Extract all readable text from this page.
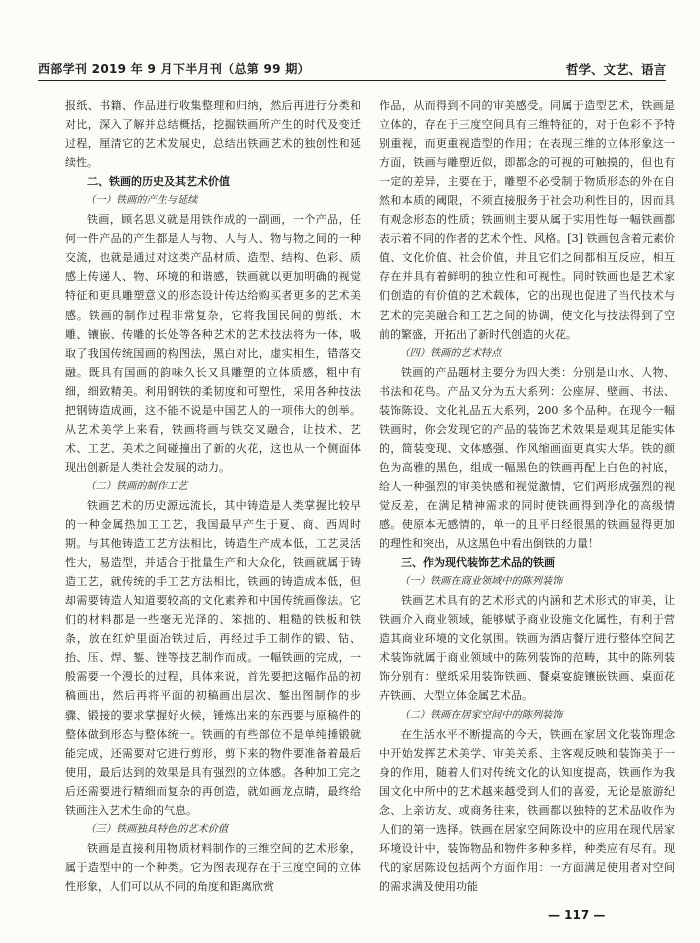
西部学刊 2019 年 9 月下半月刊（总第 99 期）	哲学、文艺、语言

报纸、书籍、作品进行收集整理和归纳，然后再进行分类和对比，深入了解并总结概括，挖掘铁画所产生的时代及变迁过程，厘清它的艺术发展史，总结出铁画艺术的独创性和延续性。

二、铁画的历史及其艺术价值

（一）铁画的产生与延续

铁画，顾名思义就是用铁作成的一副画，一个产品，任何一件产品的产生都是人与物、人与人、物与物之间的一种交流，也就是通过对这类产品材质、造型、结构、色彩、质感上传递人、物、环境的和谐感，铁画就以更加明确的视觉特征和更具雕塑意义的形态设计传达给购买者更多的艺术美感。铁画的制作过程非常复杂，它将我国民间的剪纸、木雕、镶嵌、传雕的长处等各种艺术的艺术技法将为一体，吸取了我国传统国画的构图法，黑白对比，虚实相生，错落交融。既具有国画的韵味久长又具雕塑的立体质感，粗中有细，细致精美。利用钢铁的柔韧度和可塑性，采用各种技法把钢铸造成画，这不能不说是中国艺人的一项伟大的创举。从艺术美学上来看，铁画将画与铁交叉融合，让技术、艺术、工艺、美术之间碰撞出了新的火花，这也从一个侧面体现出创新是人类社会发展的动力。

（二）铁画的制作工艺

铁画艺术的历史源远流长，其中铸造是人类掌握比较早的一种金属热加工工艺，我国最早产生于夏、商、西周时期。与其他铸造工艺方法相比，铸造生产成本低，工艺灵活性大，易造型，并适合于批量生产和大众化，铁画就属于铸造工艺，就传统的手工艺方法相比，铁画的铸造成本低，但却需要铸造人知道要较高的文化素养和中国传统画像法。它们的材料都是一些毫无光泽的、笨拙的、粗糙的铁板和铁条，放在红炉里面冶铁过后，再经过手工制作的锻、钻、抬、压、焊、錾、锉等技艺制作而成。一幅铁画的完成，一般需要一个漫长的过程，具体来说，首先要把这幅作品的初稿画出，然后再将平面的初稿画出层次、錾出图制作的步骤、锻接的要求掌握好火候，锤炼出来的东西要与原稿件的整体做到形态与整体统一。铁画的有些部位不是单纯捶锻就能完成，还需要对它进行剪形，剪下来的物件要准备着最后使用，最后达到的效果是具有强烈的立体感。各种加工完之后还需要进行精细而复杂的再创造，就如画龙点睛，最终给铁画注入艺术生命的气息。

（三）铁画独具特色的艺术价值

铁画是直接利用物质材料制作的三维空间的艺术形象，属于造型中的一个种类。它为图表现存在于三度空间的立体性形象，人们可以从不同的角度和距离欣赏

作品，从而得到不同的审美感受。同属于造型艺术，铁画是立体的，存在于三度空间具有三维特征的，对于色彩不予特别重视，而更重视造型的作用；在表现三维的立体形象这一方面，铁画与雕塑近似，即都念的可视的可触摸的，但也有一定的差异，主要在于，雕塑不必受制于物质形态的外在自然和本质的阈限，不须直接服务于社会功利性目的，因而具有观念形态的性质；铁画则主要从属于实用性每一幅铁画都表示着不同的作者的艺术个性、风格。[3] 铁画包含着元素价值、文化价值、社会价值，并且它们之间都相互反应，相互存在并具有着鲜明的独立性和可视性。同时铁画也是艺术家们创造的有价值的艺术载体，它的出现也促进了当代技术与艺术的完美融合和工艺之间的协调，使文化与技法得到了空前的繁盛，开拓出了新时代创造的火花。

（四）铁画的艺术特点

铁画的产品题材主要分为四大类：分别是山水、人物、书法和花鸟。产品又分为五大系列：公座屏、壁画、书法、装饰陈设、文化礼品五大系列，200 多个品种。在现今一幅铁画时，你会发现它的产品的装饰艺术效果是观其足能实体的，简装变现、文体感强、作风缩画面更真实大华。铁的颜色为高雅的黑色，组成一幅黑色的铁画再配上白色的衬底，给人一种强烈的审美快感和视觉激情，它们两形成强烈的视觉反差，在满足精神需求的同时使铁画得到净化的高级情感。使原本无感情的，单一的且平日经很黑的铁画显得更加的理性和突出，从这黑色中看出倒铁的力量！

三、作为现代装饰艺术品的铁画

（一）铁画在商业领域中的陈列装饰

铁画艺术具有的艺术形式的内涵和艺术形式的审美，让铁画介入商业领域，能够赋予商业设施文化属性，有利于营造其商业环境的文化氛围。铁画为酒店餐厅进行整体空间艺术装饰就属于商业领域中的陈列装饰的范畴，其中的陈列装饰分别有：壁纸采用装饰铁画、餐桌宴旋镶嵌铁画、桌面花卉铁画、大型立体金属艺术品。

（二）铁画在居家空间中的陈列装饰

在生活水平不断提高的今天，铁画在家居文化装饰理念中开始发挥艺术美学、审美关系、主客观反映和装饰美于一身的作用，随着人们对传统文化的认知度提高，铁画作为我国文化中所中的艺术越来越受到人们的喜爱，无论是旅游纪念、上亲访友、或商务往来，铁画都以独特的艺术品收作为人们的第一选择。铁画在居家空间陈设中的应用在现代居家环境设计中，装饰物品和物件多种多样，种类应有尽有。现代的家居陈设包括两个方面作用：一方面满足使用者对空间的需求满及使用功能

— 117 —
